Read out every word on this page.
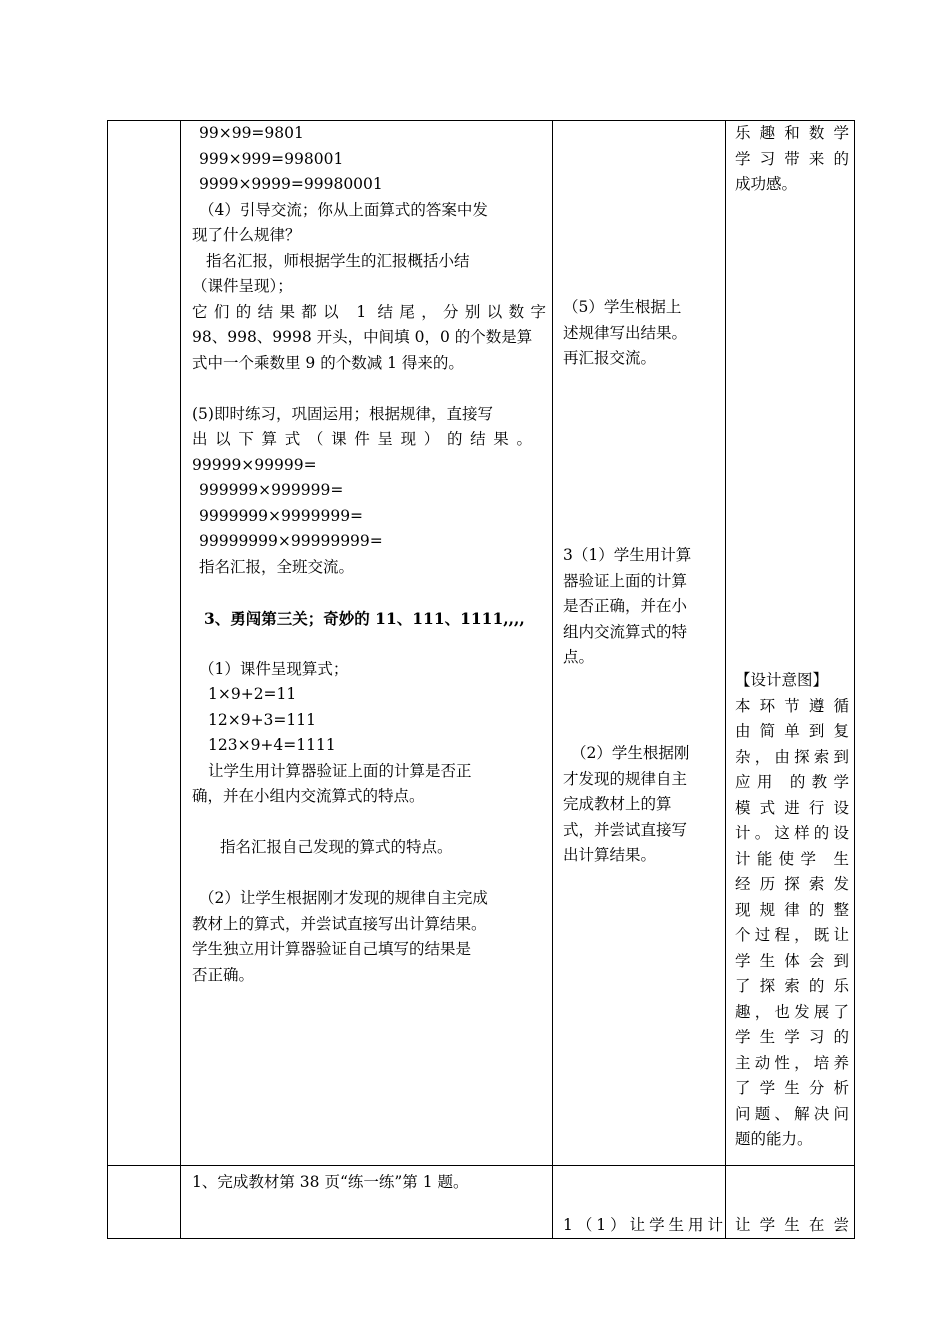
99×99=9801
999×999=998001
9999×9999=99980001
（4）引导交流；你从上面算式的答案中发
现了什么规律？
指名汇报，师根据学生的汇报概括小结
（课件呈现）；
它们的结果都以 1 结尾，分别以数字
98、998、9998 开头，中间填 0，0 的个数是算
式中一个乘数里 9 的个数减 1 得来的。
(5)即时练习，巩固运用；根据规律，直接写
出以下算式（课件呈现）的结果。
99999×99999=
999999×999999=
9999999×9999999=
99999999×99999999=
指名汇报，全班交流。
3、勇闯第三关；奇妙的 11、111、1111,,,,
（1）课件呈现算式；
1×9+2=11
12×9+3=111
123×9+4=1111
让学生用计算器验证上面的计算是否正
确，并在小组内交流算式的特点。
指名汇报自己发现的算式的特点。
（2）让学生根据刚才发现的规律自主完成
教材上的算式，并尝试直接写出计算结果。
学生独立用计算器验证自己填写的结果是
否正确。
（5）学生根据上
述规律写出结果。
再汇报交流。
3（1）学生用计算
器验证上面的计算
是否正确，并在小
组内交流算式的特
点。
（2）学生根据刚
才发现的规律自主
完成教材上的算
式，并尝试直接写
出计算结果。
乐趣和数学
学习带来的
成功感。
【设计意图】
本环节遵循
由简单到复
杂，由探索到
应用 的教学
模式进行设
计。这样的设
计能使学 生
经历探索发
现规律的整
个过程，既让
学生体会到
了探索的乐
趣，也发展了
学生学习的
主动性，培养
了学生分析
问题、解决问
题的能力。
1、完成教材第 38 页“练一练”第 1 题。
1（1）让学生用计 让学生在尝
